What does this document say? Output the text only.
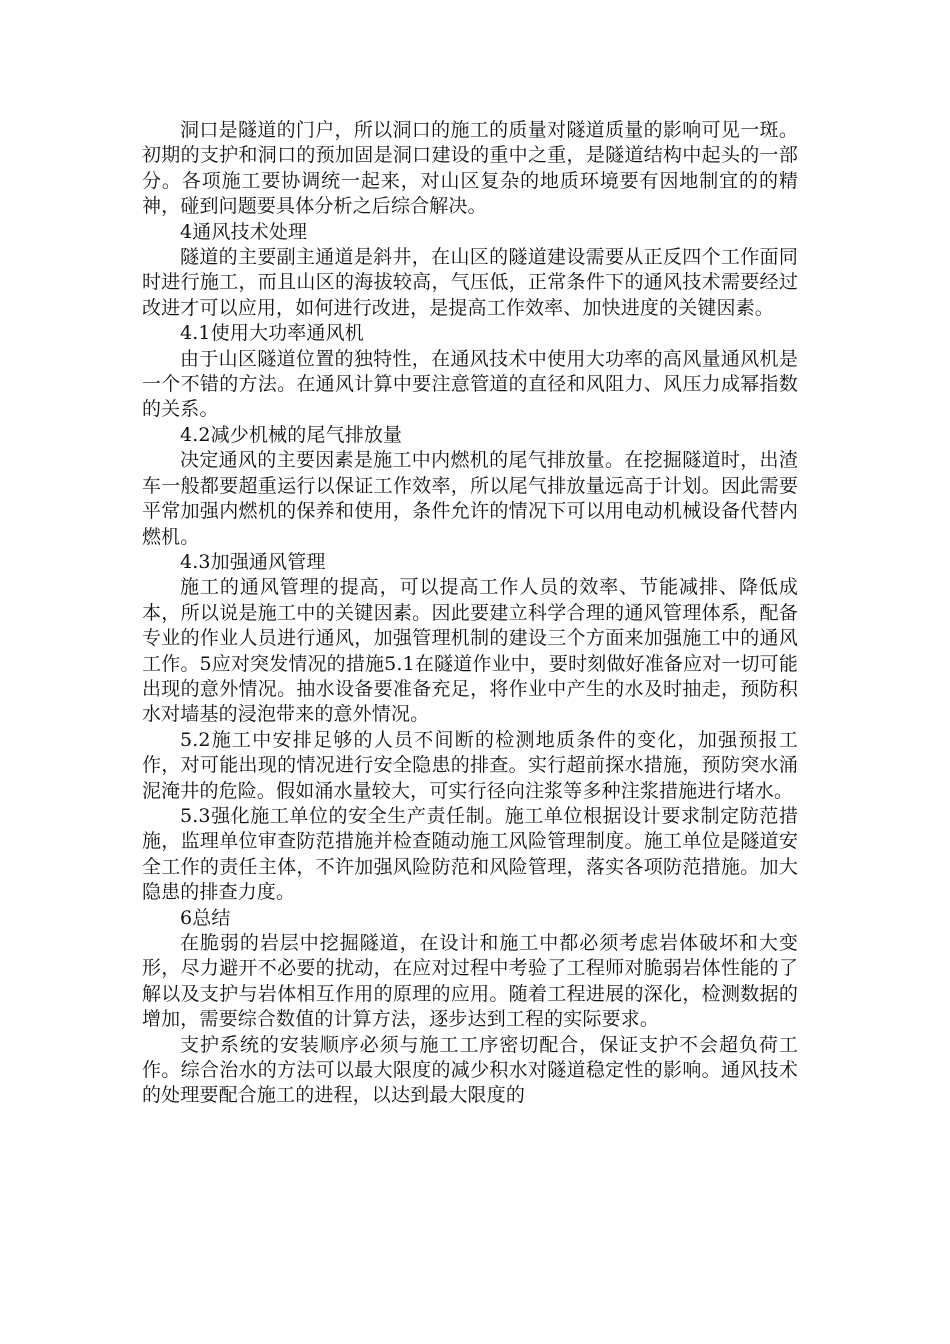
洞口是隧道的门户，所以洞口的施工的质量对隧道质量的影响可见一斑。初期的支护和洞口的预加固是洞口建设的重中之重，是隧道结构中起头的一部分。各项施工要协调统一起来，对山区复杂的地质环境要有因地制宜的的精神，碰到问题要具体分析之后综合解决。

4通风技术处理

隧道的主要副主通道是斜井，在山区的隧道建设需要从正反四个工作面同时进行施工，而且山区的海拔较高，气压低，正常条件下的通风技术需要经过改进才可以应用，如何进行改进，是提高工作效率、加快进度的关键因素。

4.1使用大功率通风机

由于山区隧道位置的独特性，在通风技术中使用大功率的高风量通风机是一个不错的方法。在通风计算中要注意管道的直径和风阻力、风压力成幂指数的关系。

4.2减少机械的尾气排放量

决定通风的主要因素是施工中内燃机的尾气排放量。在挖掘隧道时，出渣车一般都要超重运行以保证工作效率，所以尾气排放量远高于计划。因此需要平常加强内燃机的保养和使用，条件允许的情况下可以用电动机械设备代替内燃机。

4.3加强通风管理

施工的通风管理的提高，可以提高工作人员的效率、节能减排、降低成本，所以说是施工中的关键因素。因此要建立科学合理的通风管理体系，配备专业的作业人员进行通风，加强管理机制的建设三个方面来加强施工中的通风工作。5应对突发情况的措施5.1在隧道作业中，要时刻做好准备应对一切可能出现的意外情况。抽水设备要准备充足，将作业中产生的水及时抽走，预防积水对墙基的浸泡带来的意外情况。

5.2施工中安排足够的人员不间断的检测地质条件的变化，加强预报工作，对可能出现的情况进行安全隐患的排查。实行超前探水措施，预防突水涌泥淹井的危险。假如涌水量较大，可实行径向注浆等多种注浆措施进行堵水。

5.3强化施工单位的安全生产责任制。施工单位根据设计要求制定防范措施，监理单位审查防范措施并检查随动施工风险管理制度。施工单位是隧道安全工作的责任主体，不许加强风险防范和风险管理，落实各项防范措施。加大隐患的排查力度。

6总结

在脆弱的岩层中挖掘隧道，在设计和施工中都必须考虑岩体破坏和大变形，尽力避开不必要的扰动，在应对过程中考验了工程师对脆弱岩体性能的了解以及支护与岩体相互作用的原理的应用。随着工程进展的深化，检测数据的增加，需要综合数值的计算方法，逐步达到工程的实际要求。

支护系统的安装顺序必须与施工工序密切配合，保证支护不会超负荷工作。综合治水的方法可以最大限度的减少积水对隧道稳定性的影响。通风技术的处理要配合施工的进程，以达到最大限度的
